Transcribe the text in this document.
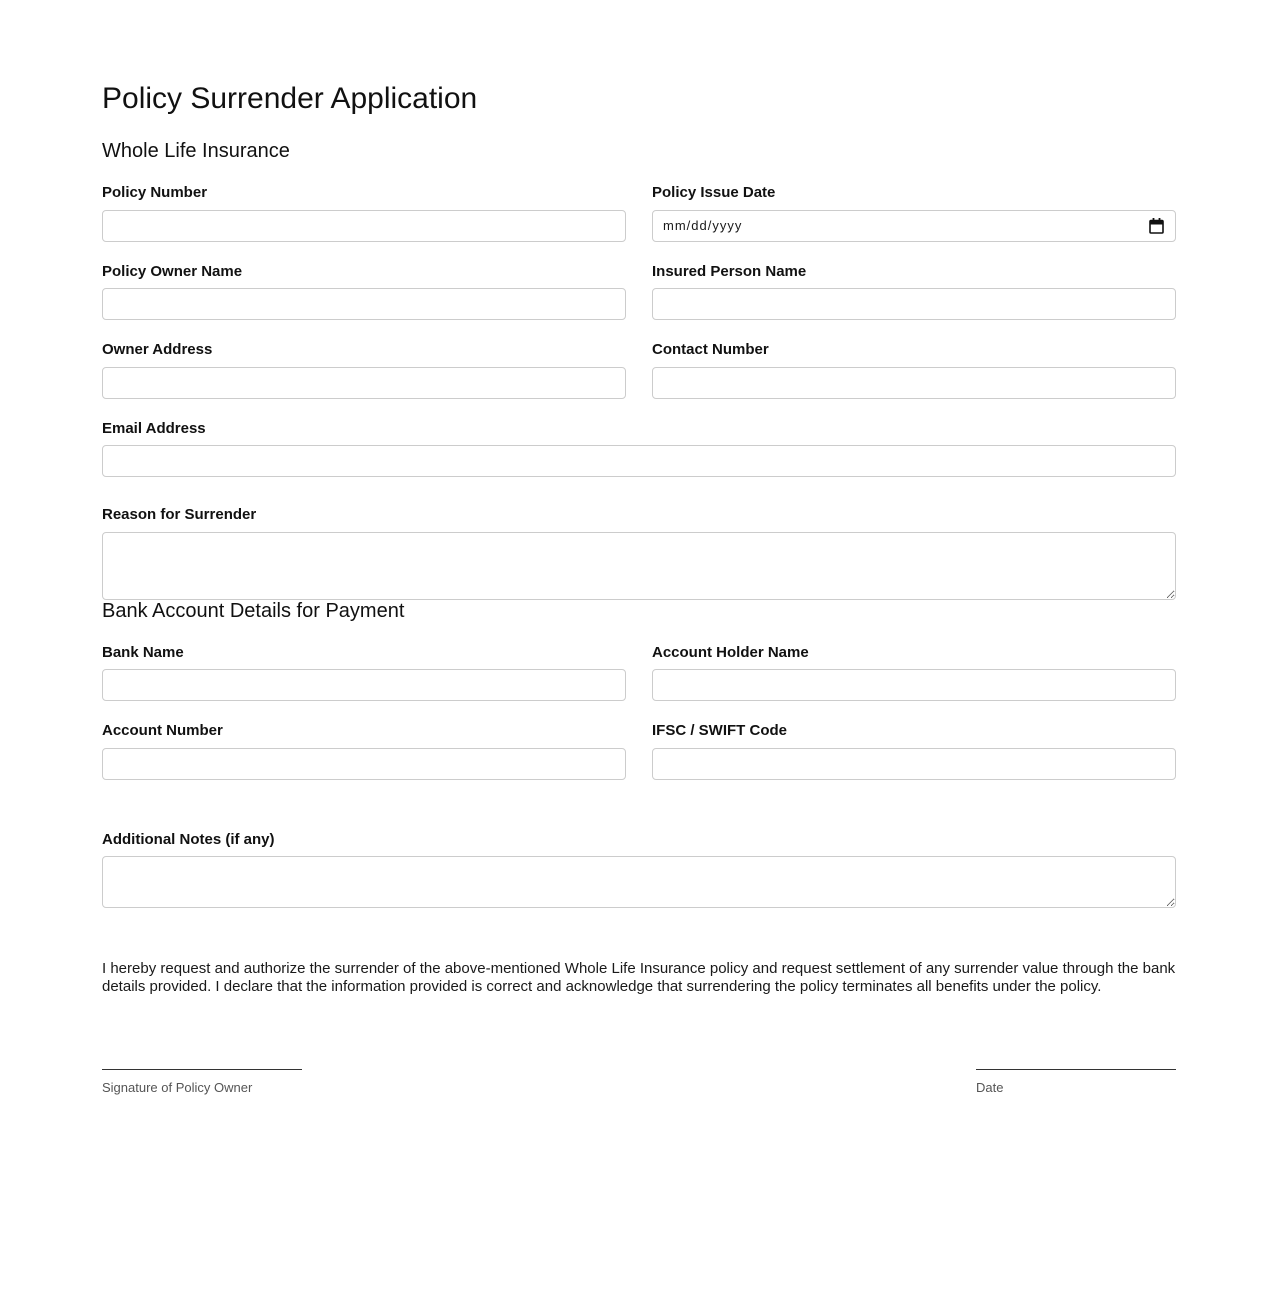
Policy Surrender Application
Whole Life Insurance
Policy Number	Policy Issue Date
mm/dd/yyyy
Policy Owner Name	Insured Person Name
Owner Address	Contact Number
Email Address
Reason for Surrender
Bank Account Details for Payment
Bank Name	Account Holder Name
Account Number	IFSC / SWIFT Code
Additional Notes (if any)

I hereby request and authorize the surrender of the above-mentioned Whole Life Insurance policy and request settlement of any surrender value through the bank details provided. I declare that the information provided is correct and acknowledge that surrendering the policy terminates all benefits under the policy.

Signature of Policy Owner	Date
